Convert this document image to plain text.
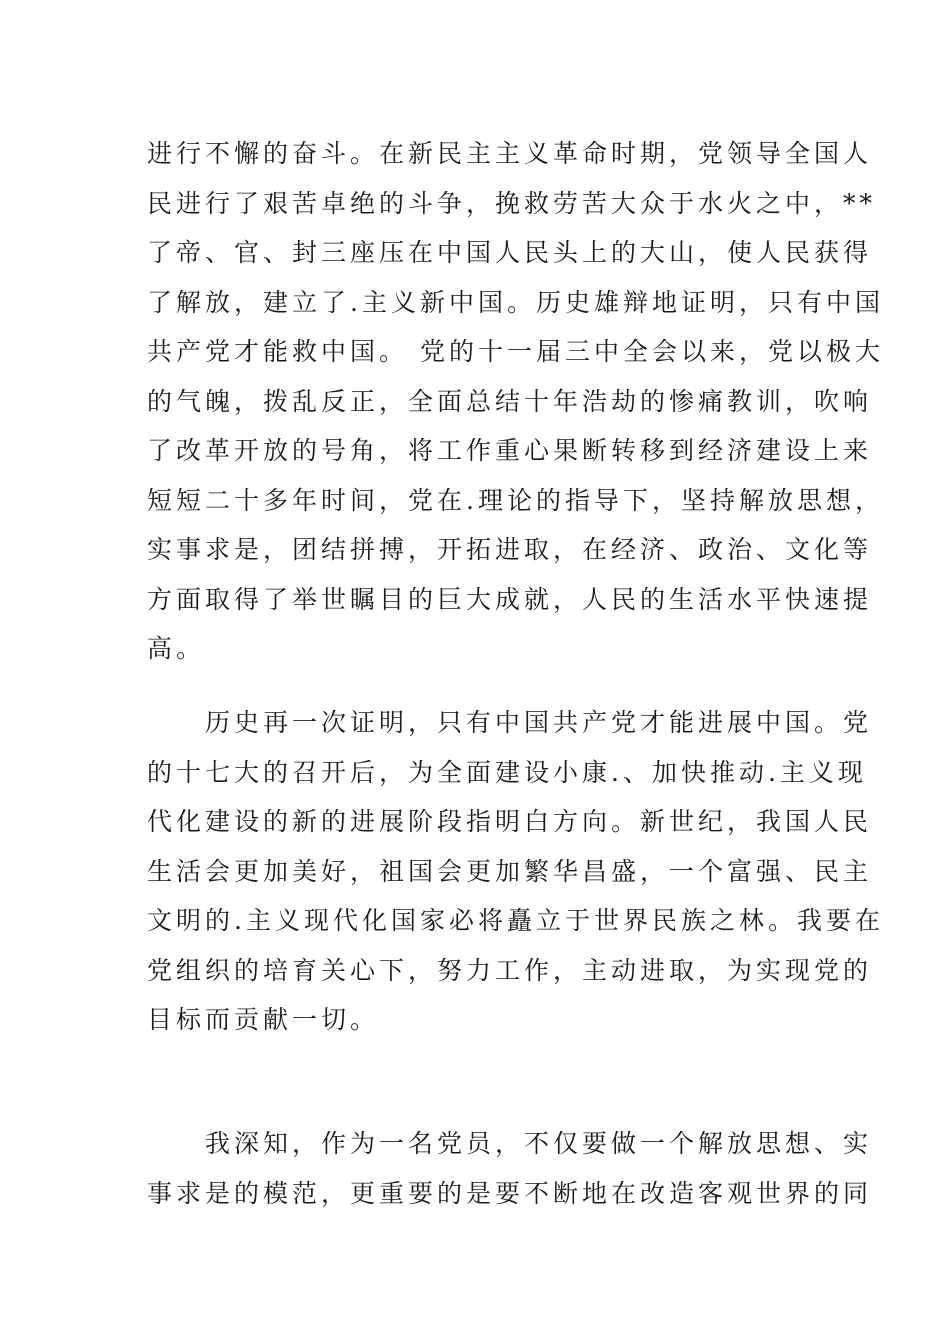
进行不懈的奋斗。在新民主主义革命时期，党领导全国人
民进行了艰苦卓绝的斗争，挽救劳苦大众于水火之中，**
了帝、官、封三座压在中国人民头上的大山，使人民获得
了解放，建立了.主义新中国。历史雄辩地证明，只有中国
共产党才能救中国。 党的十一届三中全会以来，党以极大
的气魄，拨乱反正，全面总结十年浩劫的惨痛教训，吹响
了改革开放的号角，将工作重心果断转移到经济建设上来
短短二十多年时间，党在.理论的指导下，坚持解放思想，
实事求是，团结拼搏，开拓进取，在经济、政治、文化等
方面取得了举世瞩目的巨大成就，人民的生活水平快速提
高。
　　历史再一次证明，只有中国共产党才能进展中国。党
的十七大的召开后，为全面建设小康.、加快推动.主义现
代化建设的新的进展阶段指明白方向。新世纪，我国人民
生活会更加美好，祖国会更加繁华昌盛，一个富强、民主
文明的.主义现代化国家必将矗立于世界民族之林。我要在
党组织的培育关心下，努力工作，主动进取，为实现党的
目标而贡献一切。
　　我深知，作为一名党员，不仅要做一个解放思想、实
事求是的模范，更重要的是要不断地在改造客观世界的同
